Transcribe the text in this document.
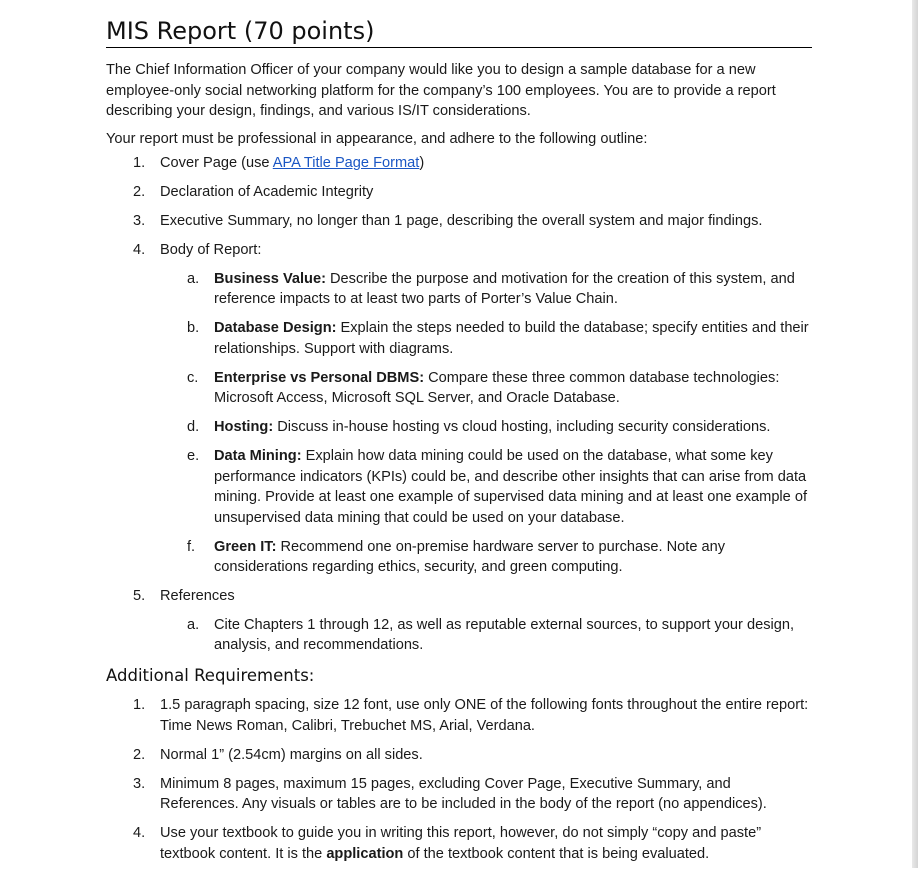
MIS Report (70 points)

The Chief Information Officer of your company would like you to design a sample database for a new employee-only social networking platform for the company’s 100 employees. You are to provide a report describing your design, findings, and various IS/IT considerations.

Your report must be professional in appearance, and adhere to the following outline:

1. Cover Page (use APA Title Page Format)
2. Declaration of Academic Integrity
3. Executive Summary, no longer than 1 page, describing the overall system and major findings.
4. Body of Report:
a. Business Value: Describe the purpose and motivation for the creation of this system, and reference impacts to at least two parts of Porter’s Value Chain.
b. Database Design: Explain the steps needed to build the database; specify entities and their relationships. Support with diagrams.
c. Enterprise vs Personal DBMS: Compare these three common database technologies: Microsoft Access, Microsoft SQL Server, and Oracle Database.
d. Hosting: Discuss in-house hosting vs cloud hosting, including security considerations.
e. Data Mining: Explain how data mining could be used on the database, what some key performance indicators (KPIs) could be, and describe other insights that can arise from data mining. Provide at least one example of supervised data mining and at least one example of unsupervised data mining that could be used on your database.
f. Green IT: Recommend one on-premise hardware server to purchase. Note any considerations regarding ethics, security, and green computing.
5. References
a. Cite Chapters 1 through 12, as well as reputable external sources, to support your design, analysis, and recommendations.
Additional Requirements:
1. 1.5 paragraph spacing, size 12 font, use only ONE of the following fonts throughout the entire report: Time News Roman, Calibri, Trebuchet MS, Arial, Verdana.
2. Normal 1” (2.54cm) margins on all sides.
3. Minimum 8 pages, maximum 15 pages, excluding Cover Page, Executive Summary, and References. Any visuals or tables are to be included in the body of the report (no appendices).
4. Use your textbook to guide you in writing this report, however, do not simply “copy and paste” textbook content. It is the application of the textbook content that is being evaluated.
